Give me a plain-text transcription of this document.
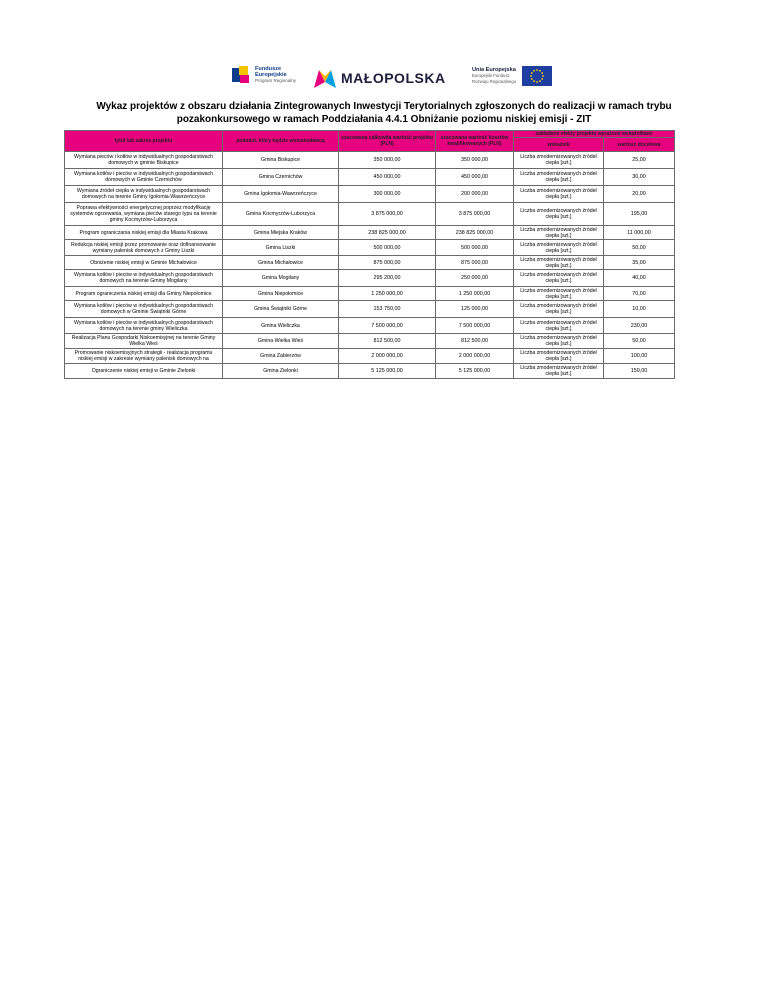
Fundusze
Europejskie
Program Regionalny	MAŁOPOLSKA	Unia Europejska
Europejski Fundusz
Rozwoju Regionalnego
Wykaz projektów z obszaru działania Zintegrowanych Inwestycji Terytorialnych zgłoszonych do realizacji w ramach trybu
pozakonkursowego w ramach Poddziałania 4.4.1 Obniżanie poziomu niskiej emisji - ZIT
tytuł lub zakres projektu	podmiot, który będzie wnioskodawcą	szacowana całkowita wartość projektu (PLN)	szacowana wartość kosztów kwalifikowanych (PLN)	zakładane efekty projektu wyrażone wskaźnikami	
				wskaźnik	wartość docelowa
Wymiana pieców i kotłów w indywidualnych gospodarstwach domowych w gminie Biskupice	Gmina Biskupice	350 000,00	350 000,00	Liczba zmodernizowanych źródeł ciepła [szt.]	25,00
Wymiana kotłów i pieców w indywidualnych gospodarstwach domowych w Gminie Czernichów	Gmina Czernichów	450 000,00	450 000,00	Liczba zmodernizowanych źródeł ciepła [szt.]	30,00
Wymiana źródeł ciepła w indywidualnych gospodarstwach domowych na terenie Gminy Igołomia-Wawrzeńczyce	Gmina Igołomia-Wawrzeńczyce	300 000,00	200 000,00	Liczba zmodernizowanych źródeł ciepła [szt.]	20,00
Poprawa efektywności energetycznej poprzez modyfikację systemów ogrzewania, wymiana pieców starego typu na terenie gminy Kocmyrzów-Luborzyca	Gmina Kocmyrzów-Luborzyca	3 875 000,00	3 875 000,00	Liczba zmodernizowanych źródeł ciepła [szt.]	195,00
Program ograniczania niskiej emisji dla Miasta Krakowa	Gmina Miejska Kraków	238 825 000,00	238 825 000,00	Liczba zmodernizowanych źródeł ciepła [szt.]	11 000,00
Redukcja niskiej emisji przez promowanie oraz dofinansowanie wymiany palenisk domowych z Gminy Liszki	Gmina Liszki	500 000,00	500 000,00	Liczba zmodernizowanych źródeł ciepła [szt.]	50,00
Obniżenie niskiej emisji w Gminie Michałowice	Gmina Michałowice	875 000,00	875 000,00	Liczba zmodernizowanych źródeł ciepła [szt.]	35,00
Wymiana kotłów i pieców w indywidualnych gospodarstwach domowych na terenie Gminy Mogilany	Gmina Mogilany	295 200,00	250 000,00	Liczba zmodernizowanych źródeł ciepła [szt.]	40,00
Program ograniczenia niskiej emisji dla Gminy Niepołomice	Gmina Niepołomice	1 250 000,00	1 250 000,00	Liczba zmodernizowanych źródeł ciepła [szt.]	70,00
Wymiana kotłów i pieców w indywidualnych gospodarstwach domowych w Gminie Świątniki Górne	Gmina Świątniki Górne	153 750,00	125 000,00	Liczba zmodernizowanych źródeł ciepła [szt.]	10,00
Wymiana kotłów i pieców w indywidualnych gospodarstwach domowych na terenie gminy Wieliczka	Gmina Wieliczka	7 500 000,00	7 500 000,00	Liczba zmodernizowanych źródeł ciepła [szt.]	230,00
Realizacja Planu Gospodarki Niskoemisyjnej na terenie Gminy Wielka Wieś	Gmina Wielka Wieś	812 500,00	812 500,00	Liczba zmodernizowanych źródeł ciepła [szt.]	50,00
Promowanie niskoemisyjnych strategii - realizacja programu niskiej emisji w zakresie wymiany palenisk domowych na	Gmina Zabierzów	2 000 000,00	2 000 000,00	Liczba zmodernizowanych źródeł ciepła [szt.]	100,00
Ograniczenie niskiej emisji w Gminie Zielonki	Gmina Zielonki	5 125 000,00	5 125 000,00	Liczba zmodernizowanych źródeł ciepła [szt.]	150,00
